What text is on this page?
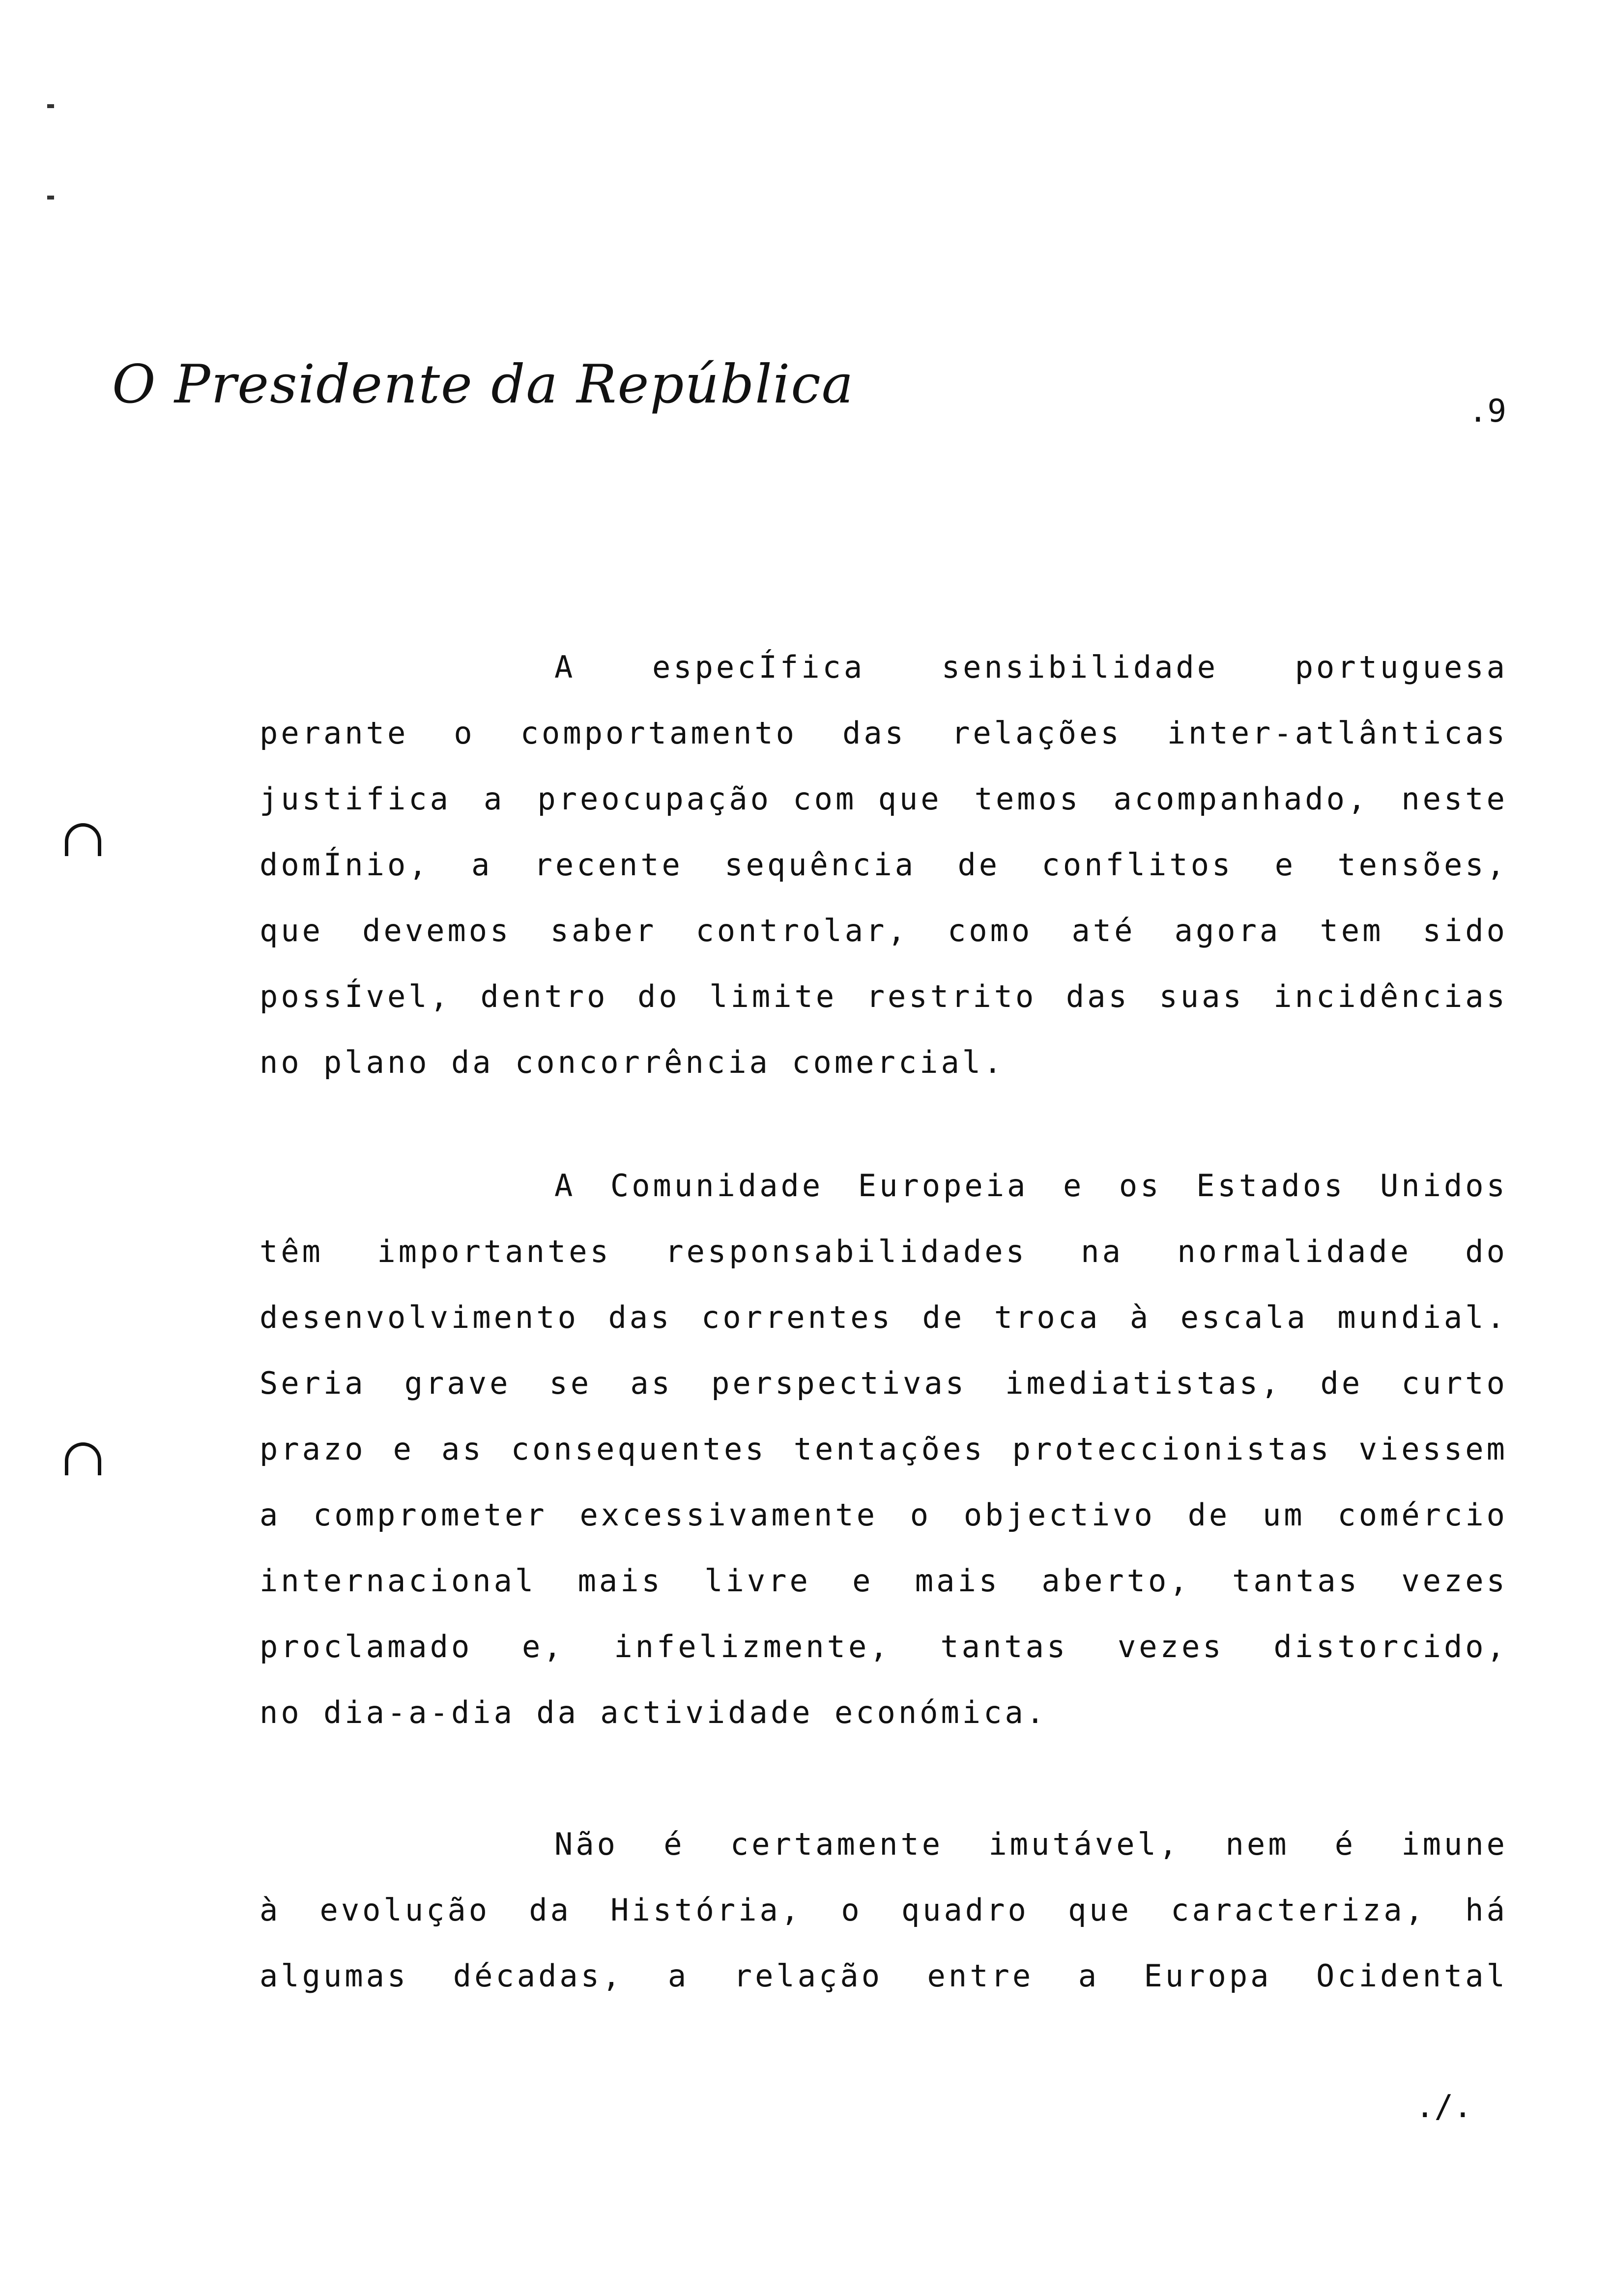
O Presidente da República	.9
A	especÍfica	sensibilidade	portuguesa
perante o comportamento das relações inter-atlânticas
justifica a preocupação com que temos acompanhado, neste
domÍnio, a recente sequência de conflitos e tensões,
que devemos saber controlar, como até agora tem sido
possÍvel, dentro do limite restrito das suas incidências
no plano da concorrência comercial.
A Comunidade Europeia e os Estados Unidos
têm importantes responsabilidades na normalidade do
desenvolvimento das correntes de troca à escala mundial.
Seria grave se as perspectivas imediatistas, de curto
prazo e as consequentes tentações proteccionistas viessem
a comprometer excessivamente o objectivo de um comércio
internacional mais livre e mais aberto, tantas vezes
proclamado e, infelizmente, tantas vezes distorcido,
no dia-a-dia da actividade económica.
Não é certamente imutável, nem é imune
à evolução da História, o quadro que caracteriza, há
algumas décadas, a relação entre a Europa Ocidental
./.
